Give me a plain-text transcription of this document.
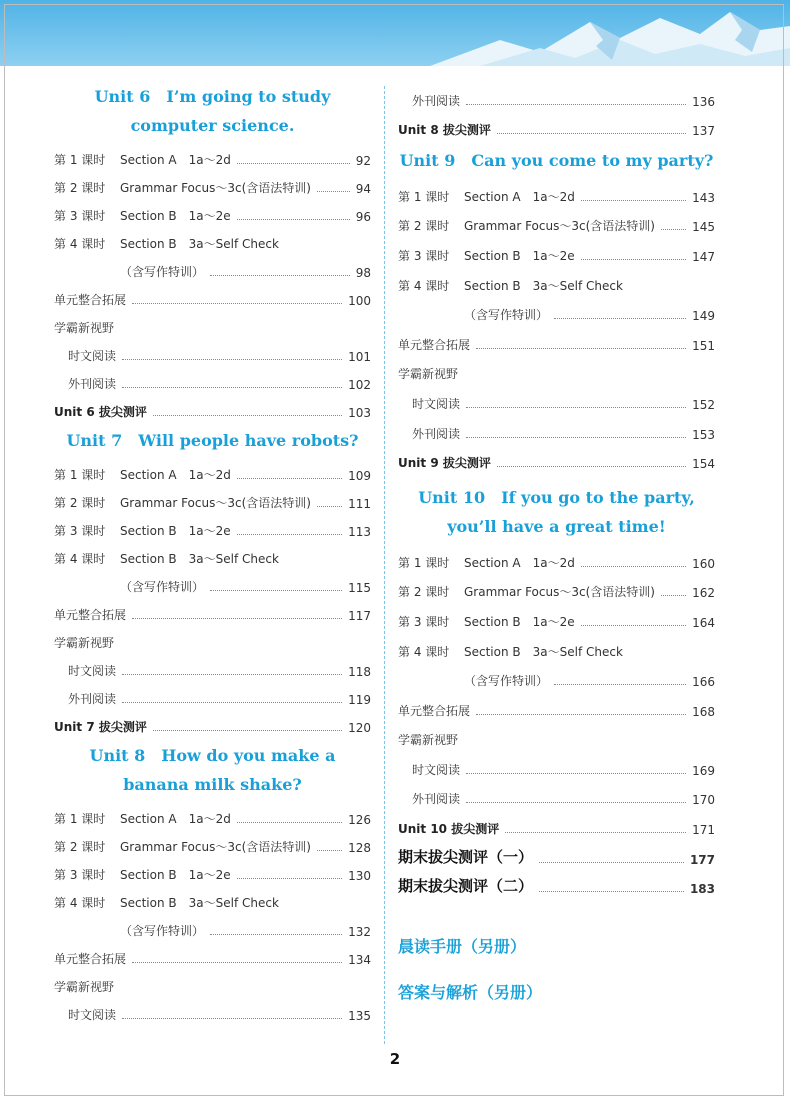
Unit 6　I’m going to study
computer science.
第 1 课时 Section A　1a～2d	92
第 2 课时 Grammar Focus～3c(含语法特训)	94
第 3 课时 Section B　1a～2e	96
第 4 课时 Section B　3a～Self Check
（含写作特训）	98
单元整合拓展	100
学霸新视野
时文阅读	101
外刊阅读	102
Unit 6 拔尖测评	103
Unit 7　Will people have robots?
第 1 课时 Section A　1a～2d	109
第 2 课时 Grammar Focus～3c(含语法特训)	111
第 3 课时 Section B　1a～2e	113
第 4 课时 Section B　3a～Self Check
（含写作特训）	115
单元整合拓展	117
学霸新视野
时文阅读	118
外刊阅读	119
Unit 7 拔尖测评	120
Unit 8　How do you make a
banana milk shake?
第 1 课时 Section A　1a～2d	126
第 2 课时 Grammar Focus～3c(含语法特训)	128
第 3 课时 Section B　1a～2e	130
第 4 课时 Section B　3a～Self Check
（含写作特训）	132
单元整合拓展	134
学霸新视野
时文阅读	135
外刊阅读	136
Unit 8 拔尖测评	137
Unit 9　Can you come to my party?
第 1 课时 Section A　1a～2d	143
第 2 课时 Grammar Focus～3c(含语法特训)	145
第 3 课时 Section B　1a～2e	147
第 4 课时 Section B　3a～Self Check
（含写作特训）	149
单元整合拓展	151
学霸新视野
时文阅读	152
外刊阅读	153
Unit 9 拔尖测评	154
Unit 10　If you go to the party,
you’ll have a great time!
第 1 课时 Section A　1a～2d	160
第 2 课时 Grammar Focus～3c(含语法特训)	162
第 3 课时 Section B　1a～2e	164
第 4 课时 Section B　3a～Self Check
（含写作特训）	166
单元整合拓展	168
学霸新视野
时文阅读	169
外刊阅读	170
Unit 10 拔尖测评	171
期末拔尖测评（一）	177
期末拔尖测评（二）	183
晨读手册（另册）
答案与解析（另册）
2
